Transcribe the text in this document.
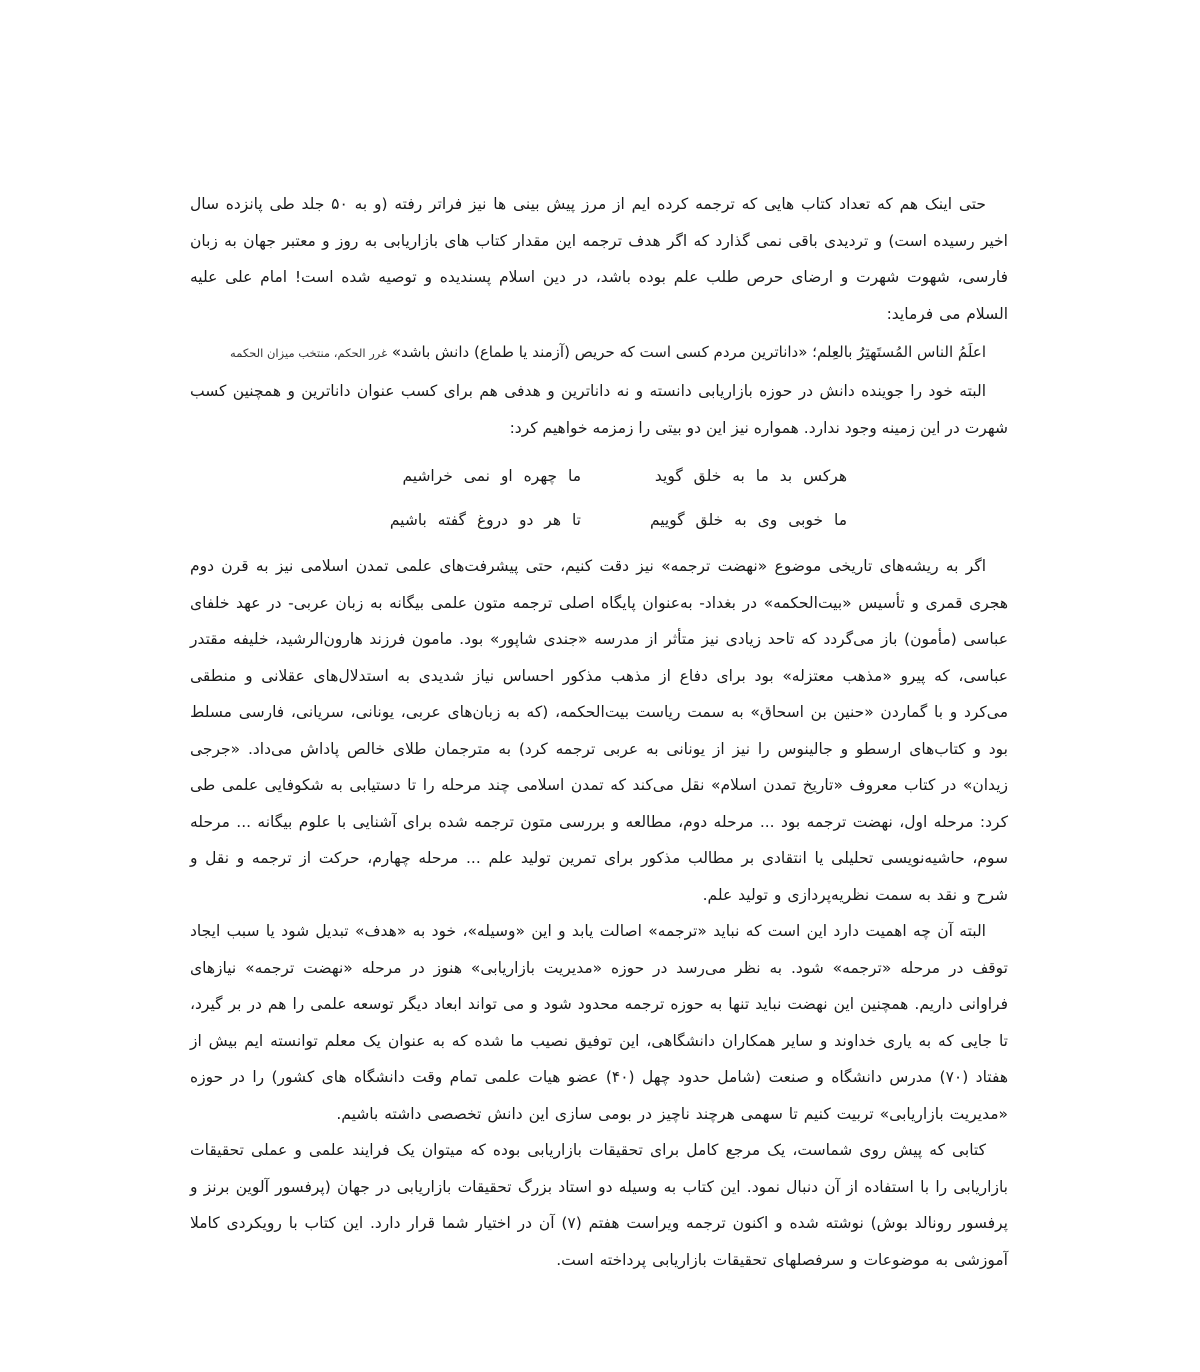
حتی اینک هم که تعداد کتاب هایی که ترجمه کرده ایم از مرز پیش بینی ها نیز فراتر رفته (و به ۵۰ جلد طی پانزده سال اخیر رسیده است) و تردیدی باقی نمی گذارد که اگر هدف ترجمه این مقدار کتاب های بازاریابی به روز و معتبر جهان به زبان فارسی، شهوت شهرت و ارضای حرص طلب علم بوده باشد، در دین اسلام پسندیده و توصیه شده است! امام علی علیه السلام می فرماید:

اعلَمُ الناس المُستَهتِرُ بالعِلم؛ «داناترین مردم کسی است که حریص (آزمند یا طماع) دانش باشد» غرر الحکم، منتخب میزان الحکمه

البته خود را جوینده دانش در حوزه بازاریابی دانسته و نه داناترین و هدفی هم برای کسب عنوان داناترین و همچنین کسب شهرت در این زمینه وجود ندارد. همواره نیز این دو بیتی را زمزمه خواهیم کرد:

هرکس بد ما به خلق گوید
ما چهره او نمی خراشیم
ما خوبی وی به خلق گوییم
تا هر دو دروغ گفته باشیم

اگر به ریشه‌های تاریخی موضوع «نهضت ترجمه» نیز دقت کنیم، حتی پیشرفت‌های علمی تمدن اسلامی نیز به قرن دوم هجری قمری و تأسیس «بیت‌الحکمه» در بغداد- به‌عنوان پایگاه اصلی ترجمه متون علمی بیگانه به زبان عربی- در عهد خلفای عباسی (مأمون) باز می‌گردد که تاحد زیادی نیز متأثر از مدرسه «جندی شاپور» بود. مامون فرزند هارون‌الرشید، خلیفه مقتدر عباسی، که پیرو «مذهب معتزله» بود برای دفاع از مذهب مذکور احساس نیاز شدیدی به استدلال‌های عقلانی و منطقی می‌کرد و با گماردن «حنین بن اسحاق» به سمت ریاست بیت‌الحکمه، (که به زبان‌های عربی، یونانی، سریانی، فارسی مسلط بود و کتاب‌های ارسطو و جالینوس را نیز از یونانی به عربی ترجمه کرد) به مترجمان طلای خالص پاداش می‌داد. «جرجی زیدان» در کتاب معروف «تاریخ تمدن اسلام» نقل می‌کند که تمدن اسلامی چند مرحله را تا دستیابی به شکوفایی علمی طی کرد: مرحله اول، نهضت ترجمه بود ... مرحله دوم، مطالعه و بررسی متون ترجمه شده برای آشنایی با علوم بیگانه ... مرحله سوم، حاشیه‌نویسی تحلیلی یا انتقادی بر مطالب مذکور برای تمرین تولید علم ... مرحله چهارم، حرکت از ترجمه و نقل و شرح و نقد به سمت نظریه‌پردازی و تولید علم.

البته آن چه اهمیت دارد این است که نباید «ترجمه» اصالت یابد و این «وسیله»، خود به «هدف» تبدیل شود یا سبب ایجاد توقف در مرحله «ترجمه» شود. به نظر می‌رسد در حوزه «مدیریت بازاریابی» هنوز در مرحله «نهضت ترجمه» نیازهای فراوانی داریم. همچنین این نهضت نباید تنها به حوزه ترجمه محدود شود و می تواند ابعاد دیگر توسعه علمی را هم در بر گیرد، تا جایی که به یاری خداوند و سایر همکاران دانشگاهی، این توفیق نصیب ما شده که به عنوان یک معلم توانسته ایم بیش از هفتاد (۷۰) مدرس دانشگاه و صنعت (شامل حدود چهل (۴۰) عضو هیات علمی تمام وقت دانشگاه های کشور) را در حوزه «مدیریت بازاریابی» تربیت کنیم تا سهمی هرچند ناچیز در بومی سازی این دانش تخصصی داشته باشیم.

کتابی که پیش روی شماست، یک مرجع کامل برای تحقیقات بازاریابی بوده که میتوان یک فرایند علمی و عملی تحقیقات بازاریابی را با استفاده از آن دنبال نمود. این کتاب به وسیله دو استاد بزرگ تحقیقات بازاریابی در جهان (پرفسور آلوین برنز و پرفسور رونالد بوش) نوشته شده و اکنون ترجمه ویراست هفتم (۷) آن در اختیار شما قرار دارد. این کتاب با رویکردی کاملا آموزشی به موضوعات و سرفصلهای تحقیقات بازاریابی پرداخته است.
